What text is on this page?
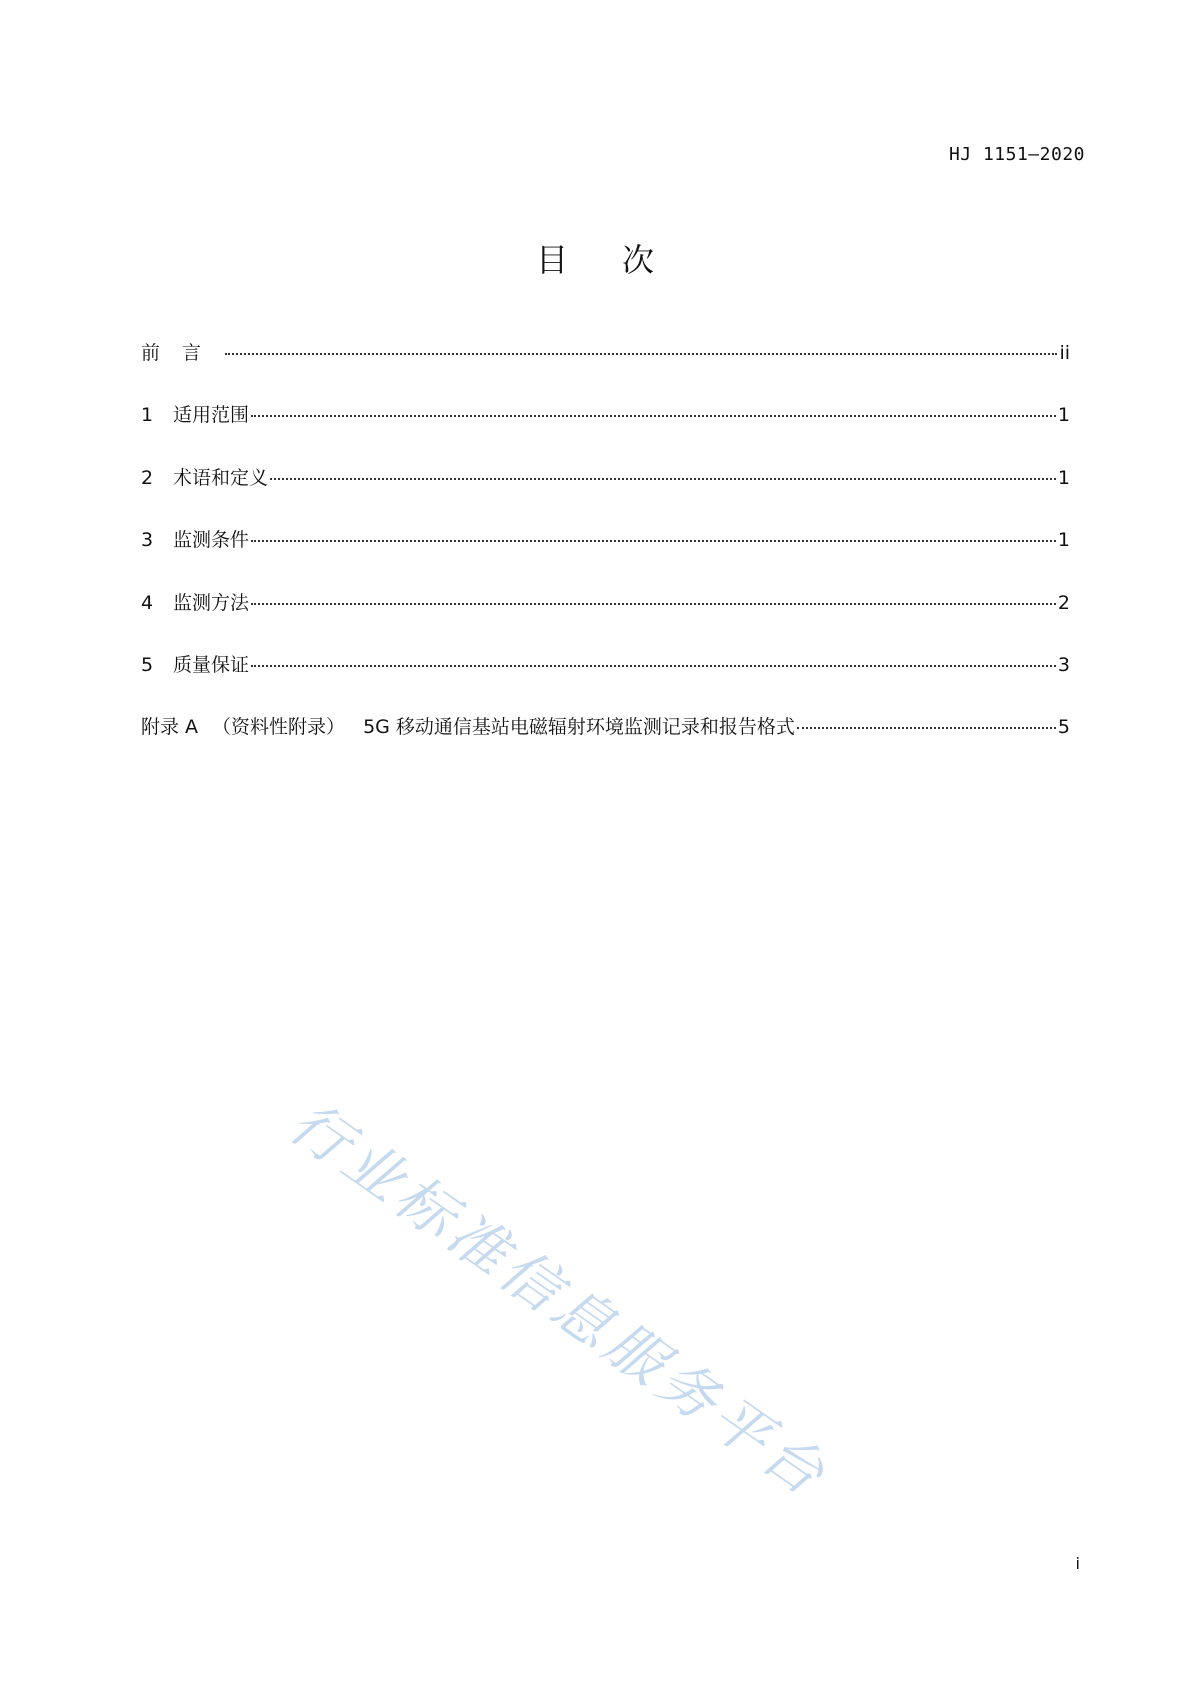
HJ 1151—2020
目次
前言	ii
1	适用范围	1
2	术语和定义	1
3	监测条件	1
4	监测方法	2
5	质量保证	3
附录 A （资料性附录） 5G 移动通信基站电磁辐射环境监测记录和报告格式	5
行业标准信息服务平台
i
